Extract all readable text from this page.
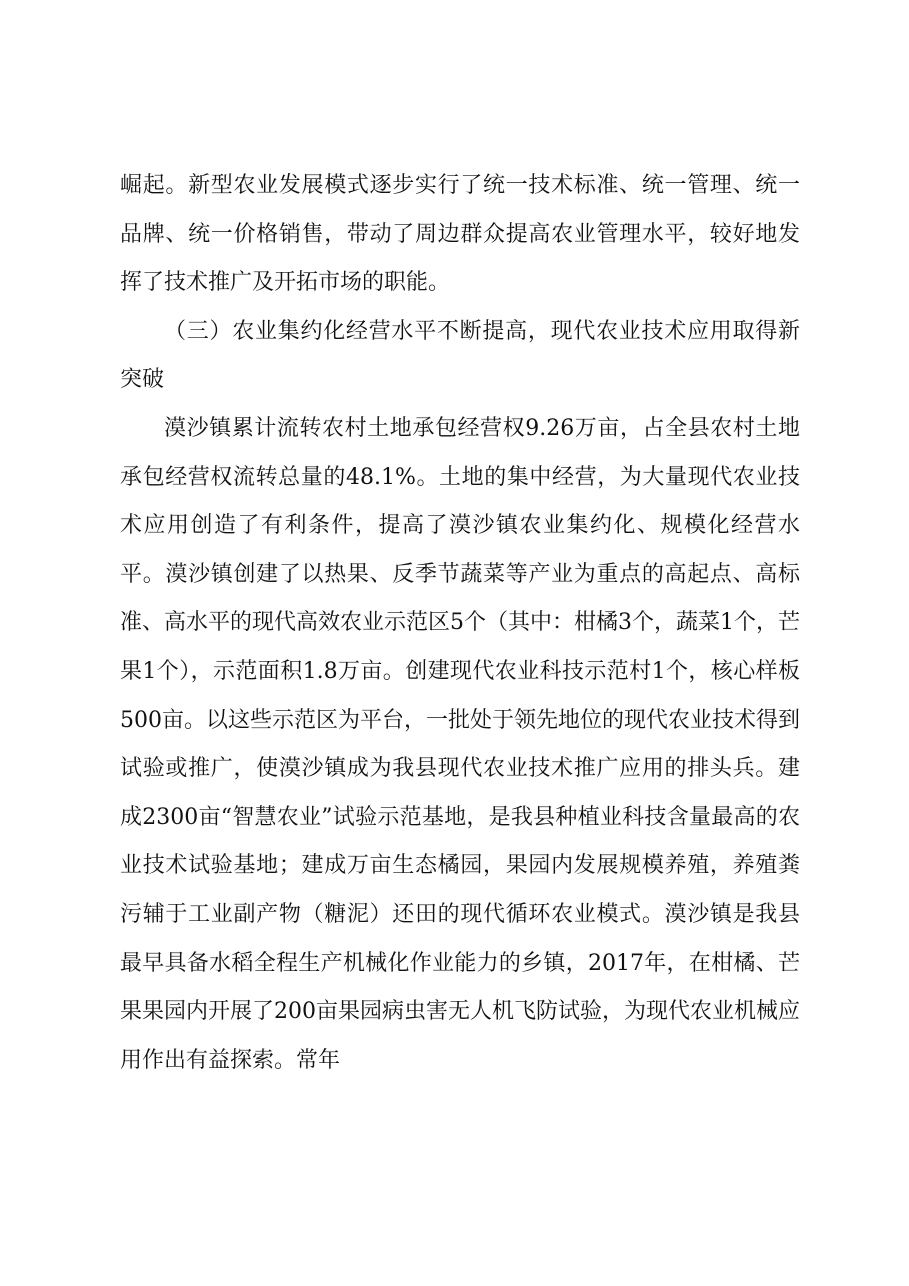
崛起。新型农业发展模式逐步实行了统一技术标准、统一管理、统一品牌、统一价格销售，带动了周边群众提高农业管理水平，较好地发挥了技术推广及开拓市场的职能。

（三）农业集约化经营水平不断提高，现代农业技术应用取得新突破

漠沙镇累计流转农村土地承包经营权9.26万亩，占全县农村土地承包经营权流转总量的48.1%。土地的集中经营，为大量现代农业技术应用创造了有利条件，提高了漠沙镇农业集约化、规模化经营水平。漠沙镇创建了以热果、反季节蔬菜等产业为重点的高起点、高标准、高水平的现代高效农业示范区5个（其中：柑橘3个，蔬菜1个，芒果1个），示范面积1.8万亩。创建现代农业科技示范村1个，核心样板500亩。以这些示范区为平台，一批处于领先地位的现代农业技术得到试验或推广，使漠沙镇成为我县现代农业技术推广应用的排头兵。建成2300亩“智慧农业”试验示范基地，是我县种植业科技含量最高的农业技术试验基地；建成万亩生态橘园，果园内发展规模养殖，养殖粪污辅于工业副产物（糖泥）还田的现代循环农业模式。漠沙镇是我县最早具备水稻全程生产机械化作业能力的乡镇，2017年，在柑橘、芒果果园内开展了200亩果园病虫害无人机飞防试验，为现代农业机械应用作出有益探索。常年
